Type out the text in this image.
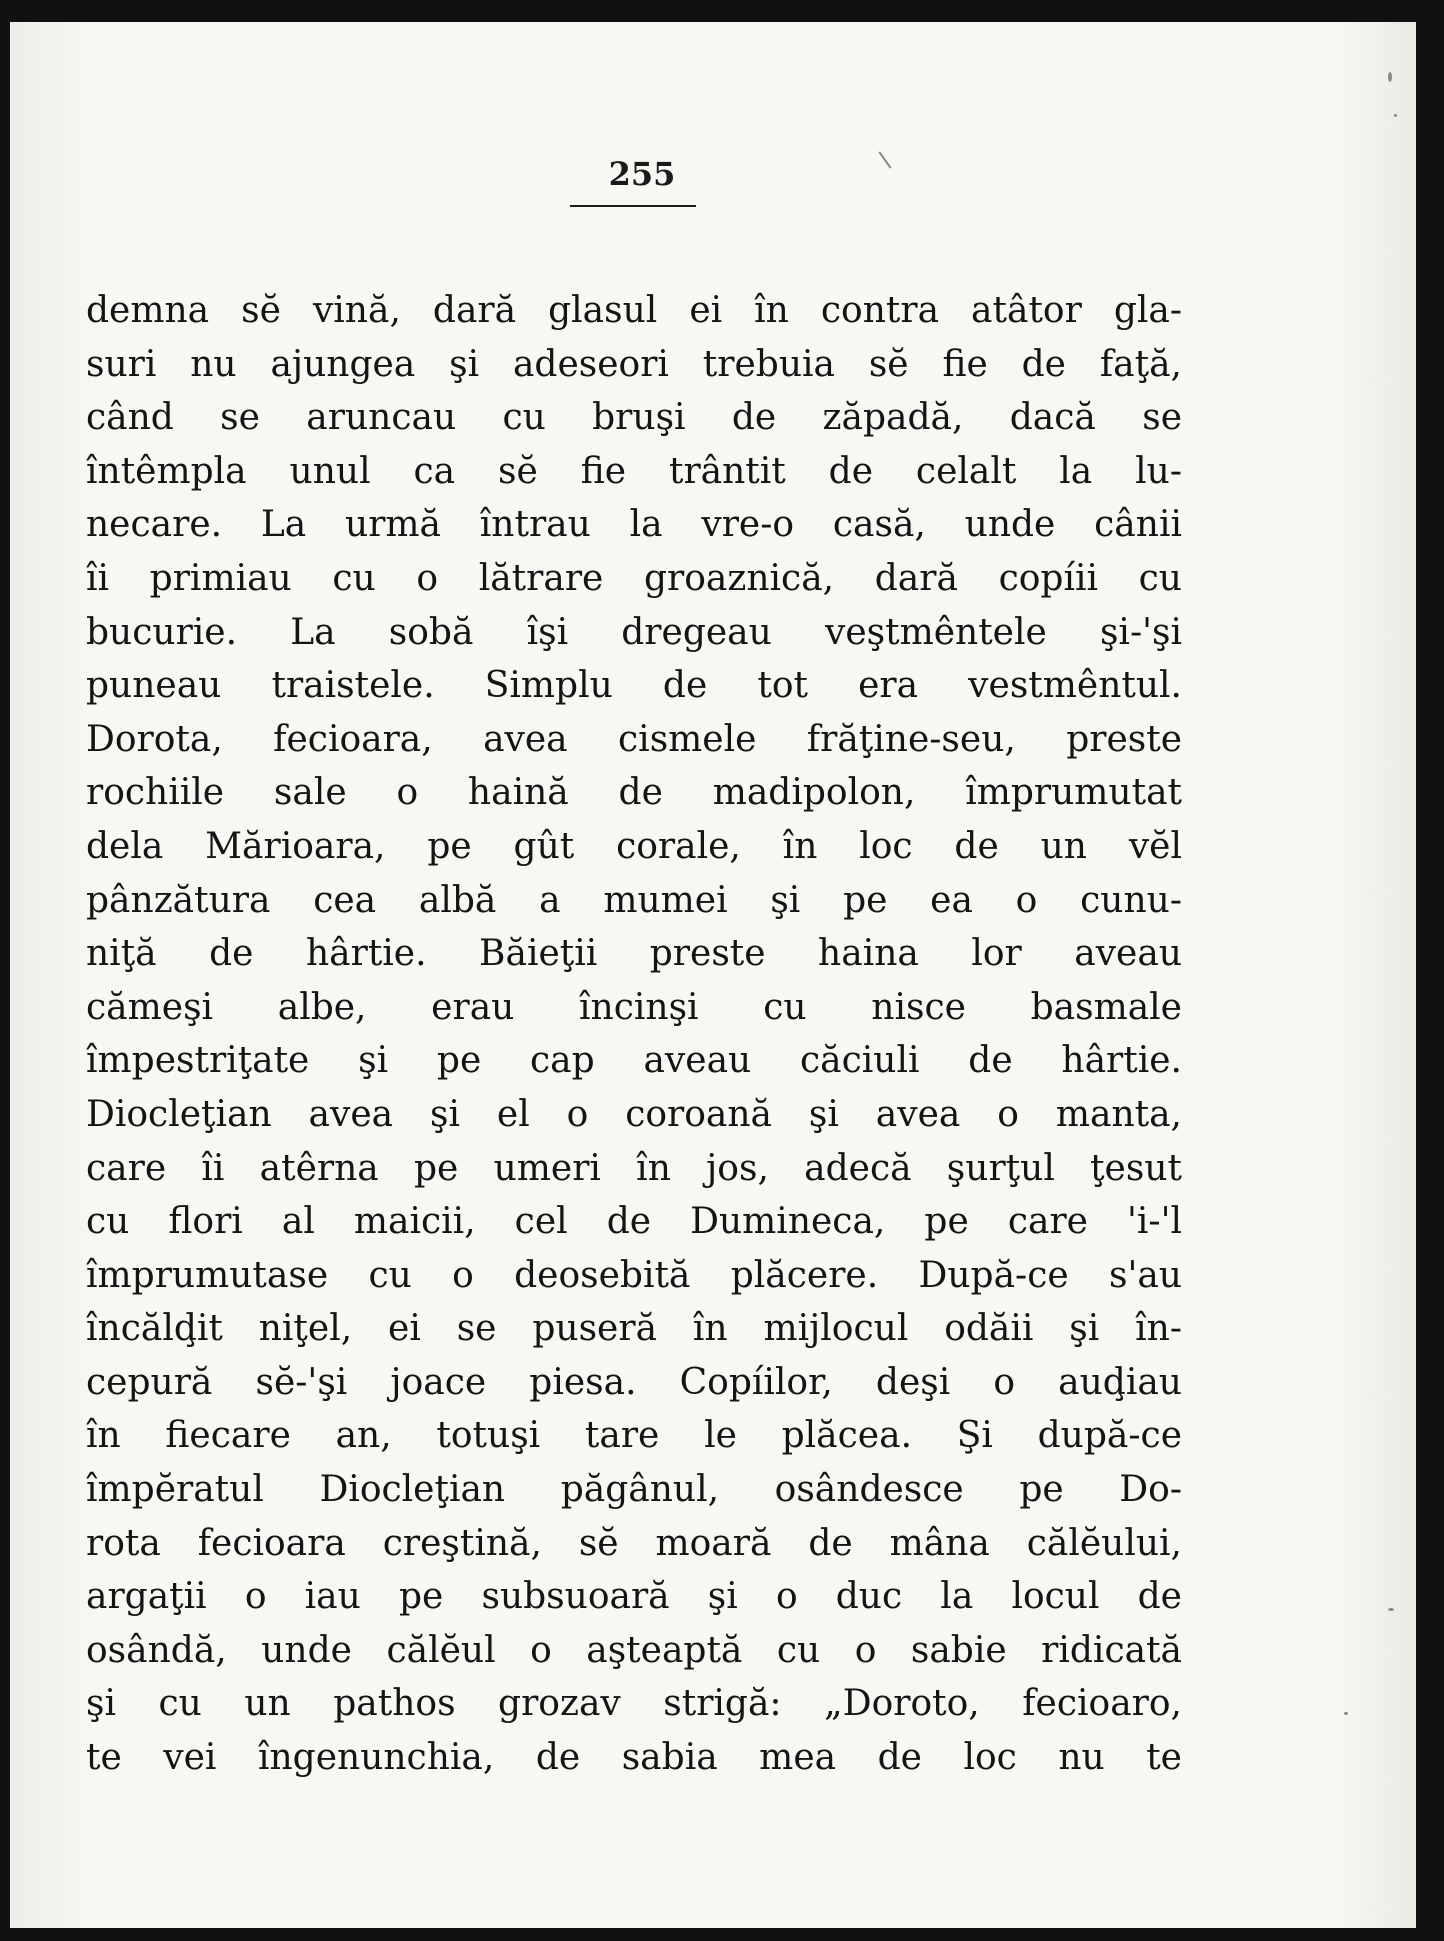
255
demna sĕ vină, dară glasul ei în contra atâtor gla-
suri nu ajungea şi adeseori trebuia sĕ fie de faţă,
când se aruncau cu bruşi de zăpadă, dacă se
întêmpla unul ca sĕ fie trântit de celalt la lu-
necare. La urmă întrau la vre-o casă, unde cânii
îi primiau cu o lătrare groaznică, dară copíii cu
bucurie. La sobă îşi dregeau veştmêntele şi-'şi
puneau traistele. Simplu de tot era vestmêntul.
Dorota, fecioara, avea cismele frăţine-seu, preste
rochiile sale o haină de madipolon, împrumutat
dela Mărioara, pe gût corale, în loc de un vĕl
pânzătura cea albă a mumei şi pe ea o cunu-
niţă de hârtie. Băieţii preste haina lor aveau
cămeşi albe, erau încinşi cu nisce basmale
împestriţate şi pe cap aveau căciuli de hârtie.
Diocleţian avea şi el o coroană şi avea o manta,
care îi atêrna pe umeri în jos, adecă şurţul ţesut
cu flori al maicii, cel de Dumineca, pe care 'i-'l
împrumutase cu o deosebită plăcere. După-ce s'au
încălḑit niţel, ei se puseră în mijlocul odăii şi în-
cepură sĕ-'şi joace piesa. Copíilor, deşi o auḑiau
în fiecare an, totuşi tare le plăcea. Şi după-ce
împĕratul Diocleţian păgânul, osândesce pe Do-
rota fecioara creştină, sĕ moară de mâna călĕului,
argaţii o iau pe subsuoară şi o duc la locul de
osândă, unde călĕul o aşteaptă cu o sabie ridicată
şi cu un pathos grozav strigă: „Doroto, fecioaro,
te vei îngenunchia, de sabia mea de loc nu te
